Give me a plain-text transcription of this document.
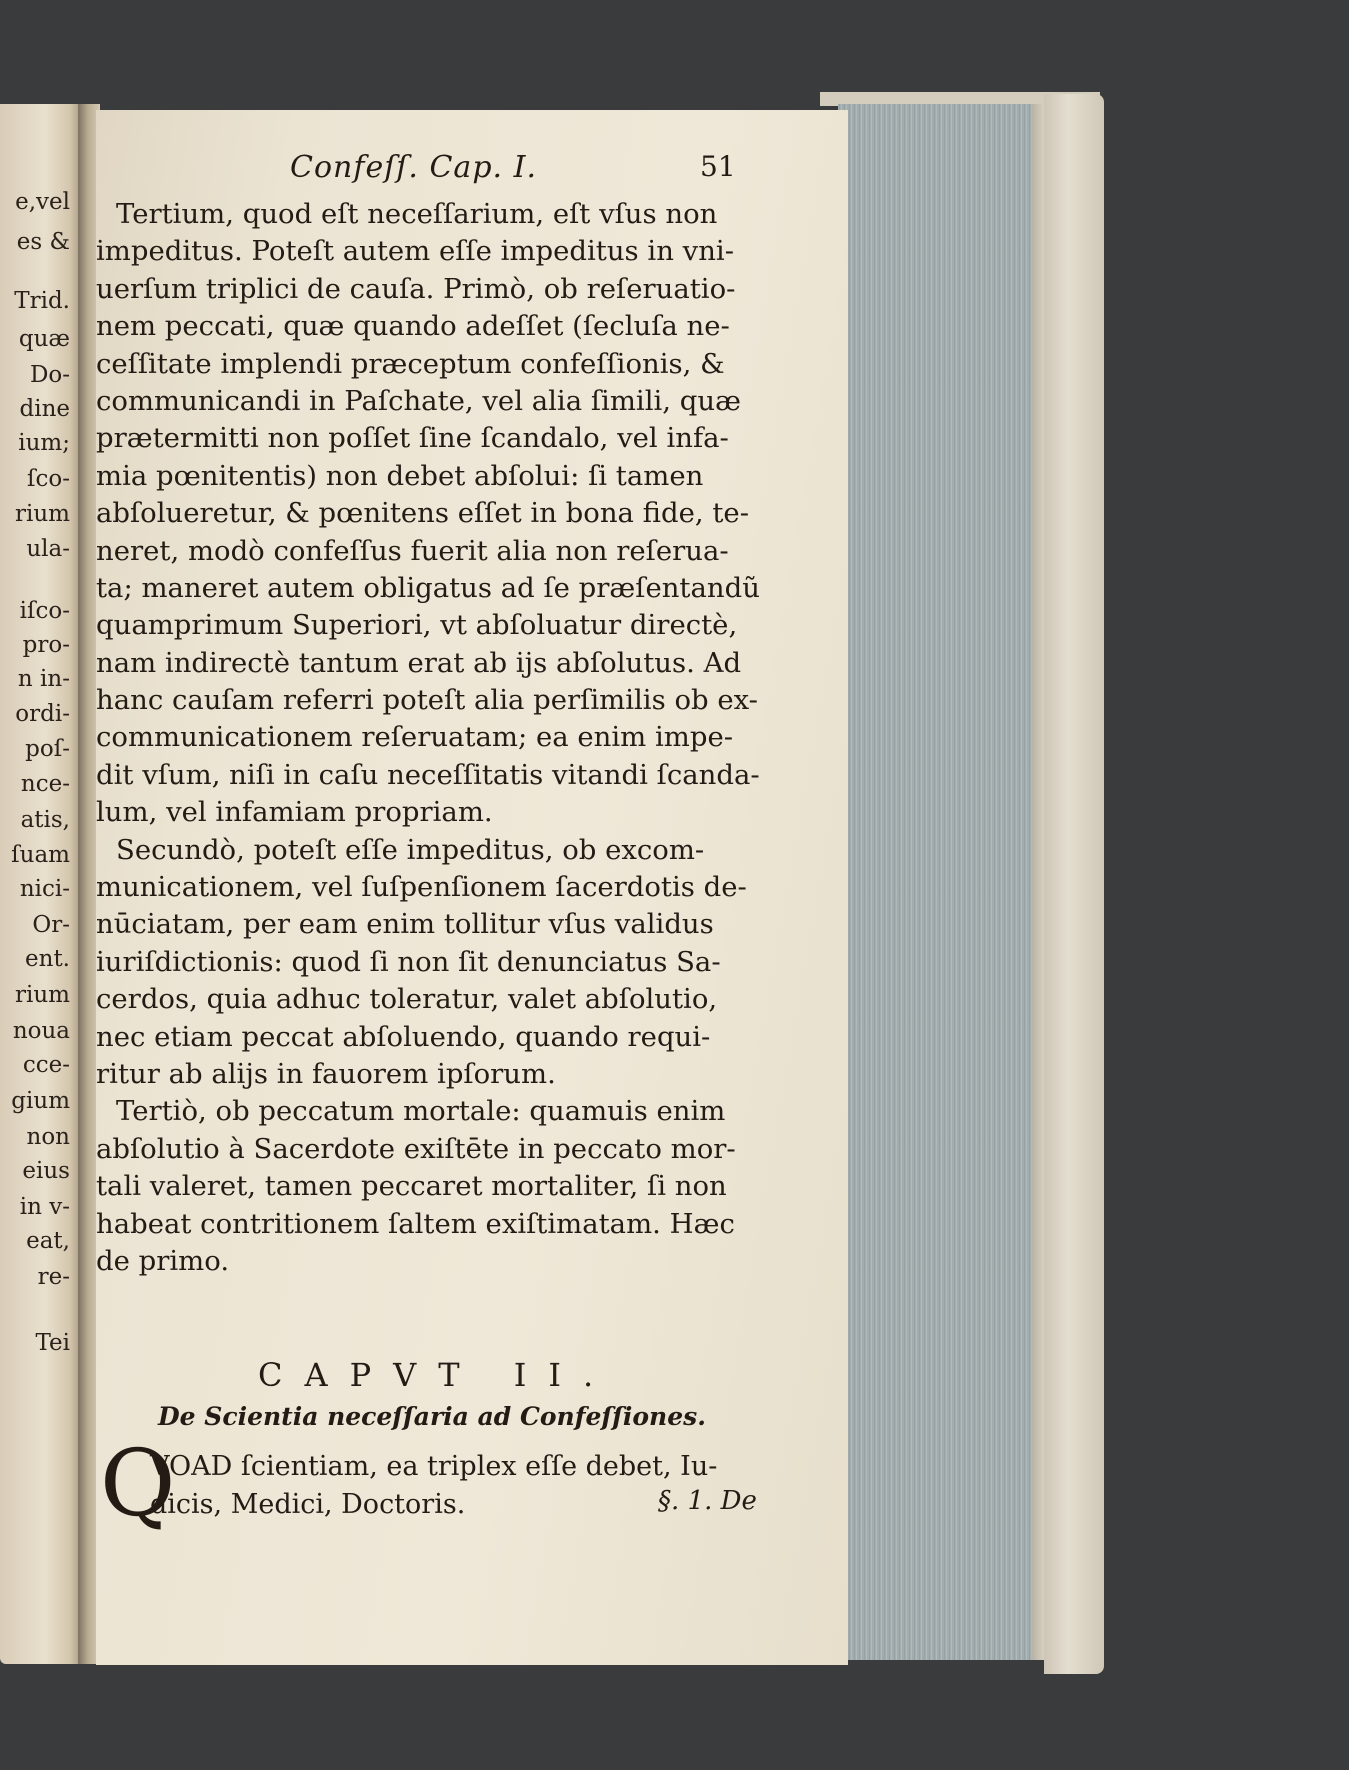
e,vel
es &
Trid.
quæ
Do-
dine
ium;
ſco-
rium
ula-
iſco-
pro-
n in-
ordi-
poſ-
nce-
atis,
ſuam
nici-
Or-
ent.
rium
noua
cce-
gium
non
eius
in v-
eat,
re-
Tei

Confeſſ. Cap. I.	51

Tertium, quod eſt neceſſarium, eſt vſus non
impeditus. Poteſt autem eſſe impeditus in vni-
uerſum triplici de cauſa. Primò, ob reſeruatio-
nem peccati, quæ quando adeſſet (ſecluſa ne-
ceſſitate implendi præceptum confeſſionis, &
communicandi in Paſchate, vel alia ſimili, quæ
prætermitti non poſſet ſine ſcandalo, vel infa-
mia pœnitentis) non debet abſolui: ſi tamen
abſolueretur, & pœnitens eſſet in bona fide, te-
neret, modò confeſſus fuerit alia non reſerua-
ta; maneret autem obligatus ad ſe præſentandũ
quamprimum Superiori, vt abſoluatur directè,
nam indirectè tantum erat ab ijs abſolutus. Ad
hanc cauſam referri poteſt alia perſimilis ob ex-
communicationem reſeruatam; ea enim impe-
dit vſum, niſi in caſu neceſſitatis vitandi ſcanda-
lum, vel infamiam propriam.
Secundò, poteſt eſſe impeditus, ob excom-
municationem, vel ſuſpenſionem ſacerdotis de-
nūciatam, per eam enim tollitur vſus validus
iuriſdictionis: quod ſi non ſit denunciatus Sa-
cerdos, quia adhuc toleratur, valet abſolutio,
nec etiam peccat abſoluendo, quando requi-
ritur ab alijs in fauorem ipſorum.
Tertiò, ob peccatum mortale: quamuis enim
abſolutio à Sacerdote exiſtēte in peccato mor-
tali valeret, tamen peccaret mortaliter, ſi non
habeat contritionem ſaltem exiſtimatam. Hæc
de primo.
CAPVT II.
De Scientia neceſſaria ad Confeſſiones.
Q
VOAD ſcientiam, ea triplex eſſe debet, Iu-
dicis, Medici, Doctoris.	§. 1. De
